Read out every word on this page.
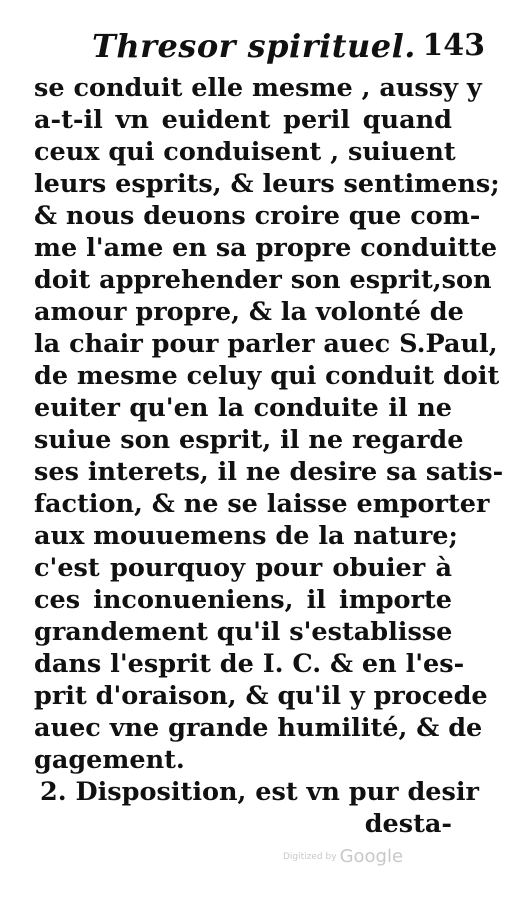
Thresor spirituel. 143
se conduit elle mesme , aussy y
a-t-il vn euident peril quand
ceux qui conduisent , suiuent
leurs esprits, & leurs sentimens;
& nous deuons croire que com-
me l'ame en sa propre conduitte
doit apprehender son esprit,son
amour propre, & la volonté de
la chair pour parler auec S.Paul,
de mesme celuy qui conduit doit
euiter qu'en la conduite il ne
suiue son esprit, il ne regarde
ses interets, il ne desire sa satis-
faction, & ne se laisse emporter
aux mouuemens de la nature;
c'est pourquoy pour obuier à
ces inconueniens, il importe
grandement qu'il s'establisse
dans l'esprit de I. C. & en l'es-
prit d'oraison, & qu'il y procede
auec vne grande humilité, & de
gagement.
2. Disposition, est vn pur desir
desta-
Digitized by Google
